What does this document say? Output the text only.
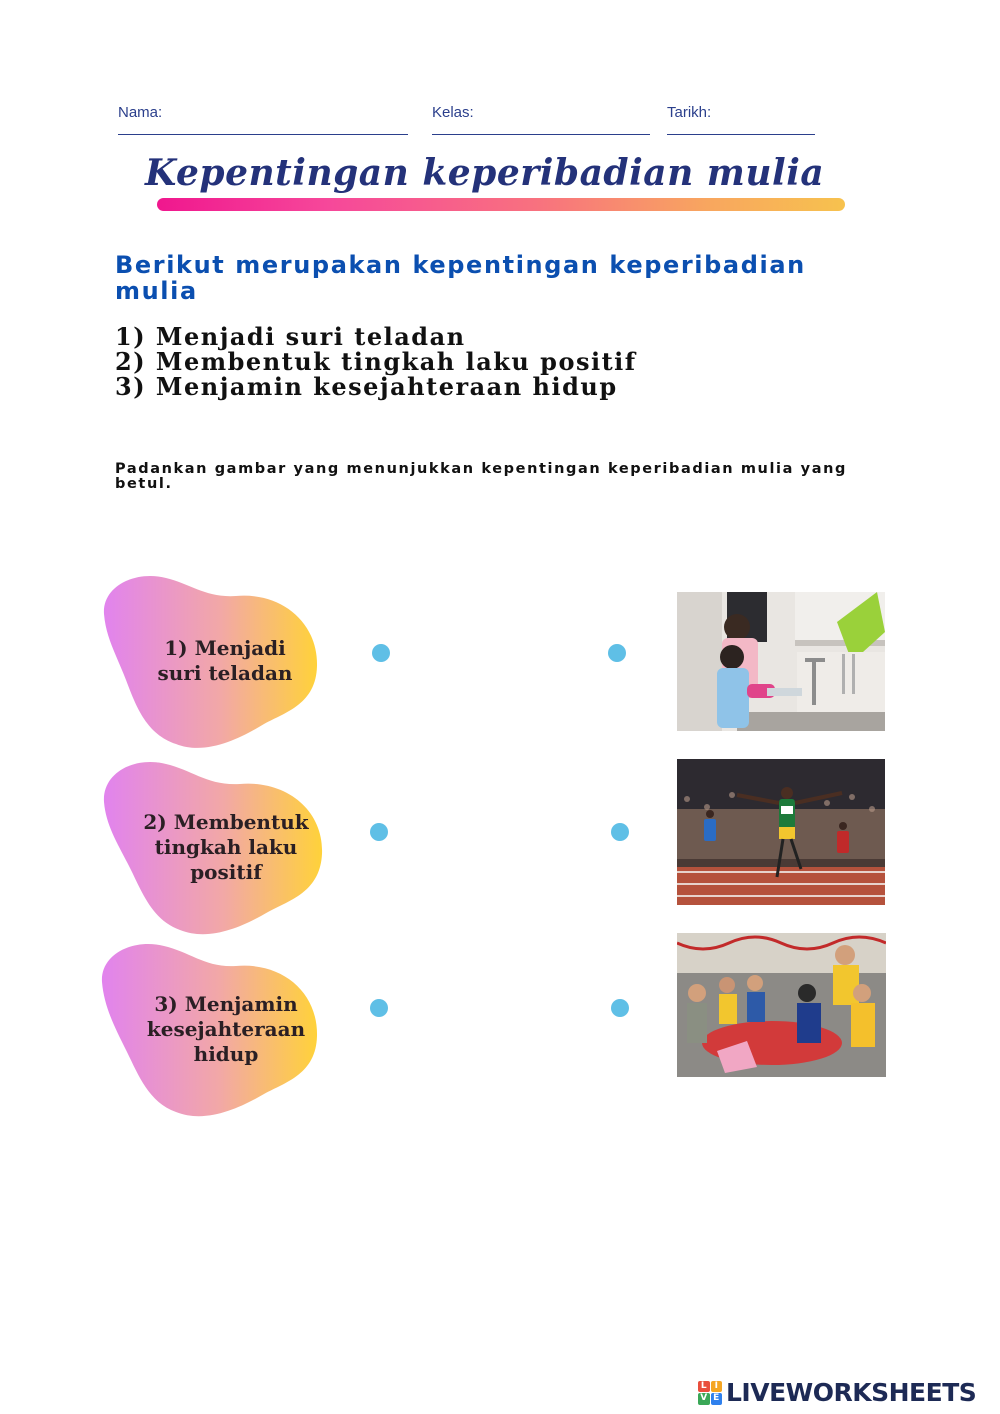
Nama:	Kelas:	Tarikh:
Kepentingan keperibadian mulia
Berikut merupakan kepentingan keperibadian mulia
1) Menjadi suri teladan
2) Membentuk tingkah laku positif
3) Menjamin kesejahteraan hidup

Padankan gambar yang menunjukkan kepentingan keperibadian mulia yang betul.

1) Menjadi suri teladan
2) Membentuk tingkah laku positif
3) Menjamin kesejahteraan hidup
L I
V E LIVEWORKSHEETS
